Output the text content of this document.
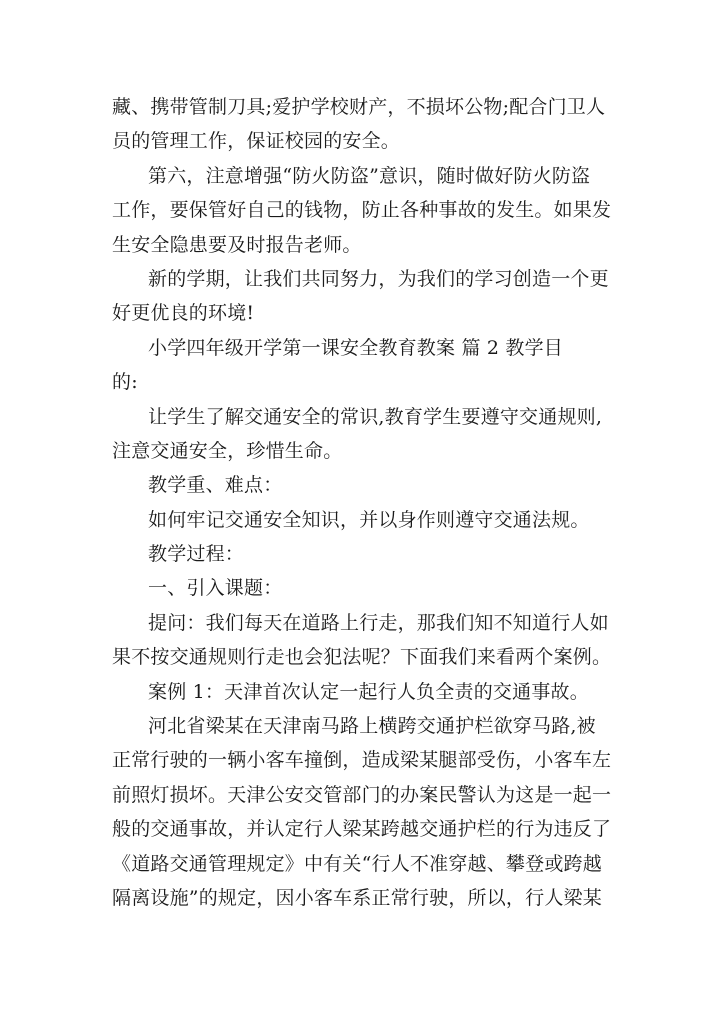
藏、携带管制刀具;爱护学校财产，不损坏公物;配合门卫人
员的管理工作，保证校园的安全。
第六，注意增强“防火防盗”意识，随时做好防火防盗
工作，要保管好自己的钱物，防止各种事故的发生。如果发
生安全隐患要及时报告老师。
新的学期，让我们共同努力，为我们的学习创造一个更
好更优良的环境!
小学四年级开学第一课安全教育教案 篇 2 教学目
的:
让学生了解交通安全的常识,教育学生要遵守交通规则,
注意交通安全，珍惜生命。
教学重、难点：
如何牢记交通安全知识，并以身作则遵守交通法规。
教学过程：
一、引入课题：
提问：我们每天在道路上行走，那我们知不知道行人如
果不按交通规则行走也会犯法呢？下面我们来看两个案例。
案例 1：天津首次认定一起行人负全责的交通事故。
河北省梁某在天津南马路上横跨交通护栏欲穿马路,被
正常行驶的一辆小客车撞倒，造成梁某腿部受伤，小客车左
前照灯损坏。天津公安交管部门的办案民警认为这是一起一
般的交通事故，并认定行人梁某跨越交通护栏的行为违反了
《道路交通管理规定》中有关“行人不准穿越、攀登或跨越
隔离设施”的规定，因小客车系正常行驶，所以，行人梁某
